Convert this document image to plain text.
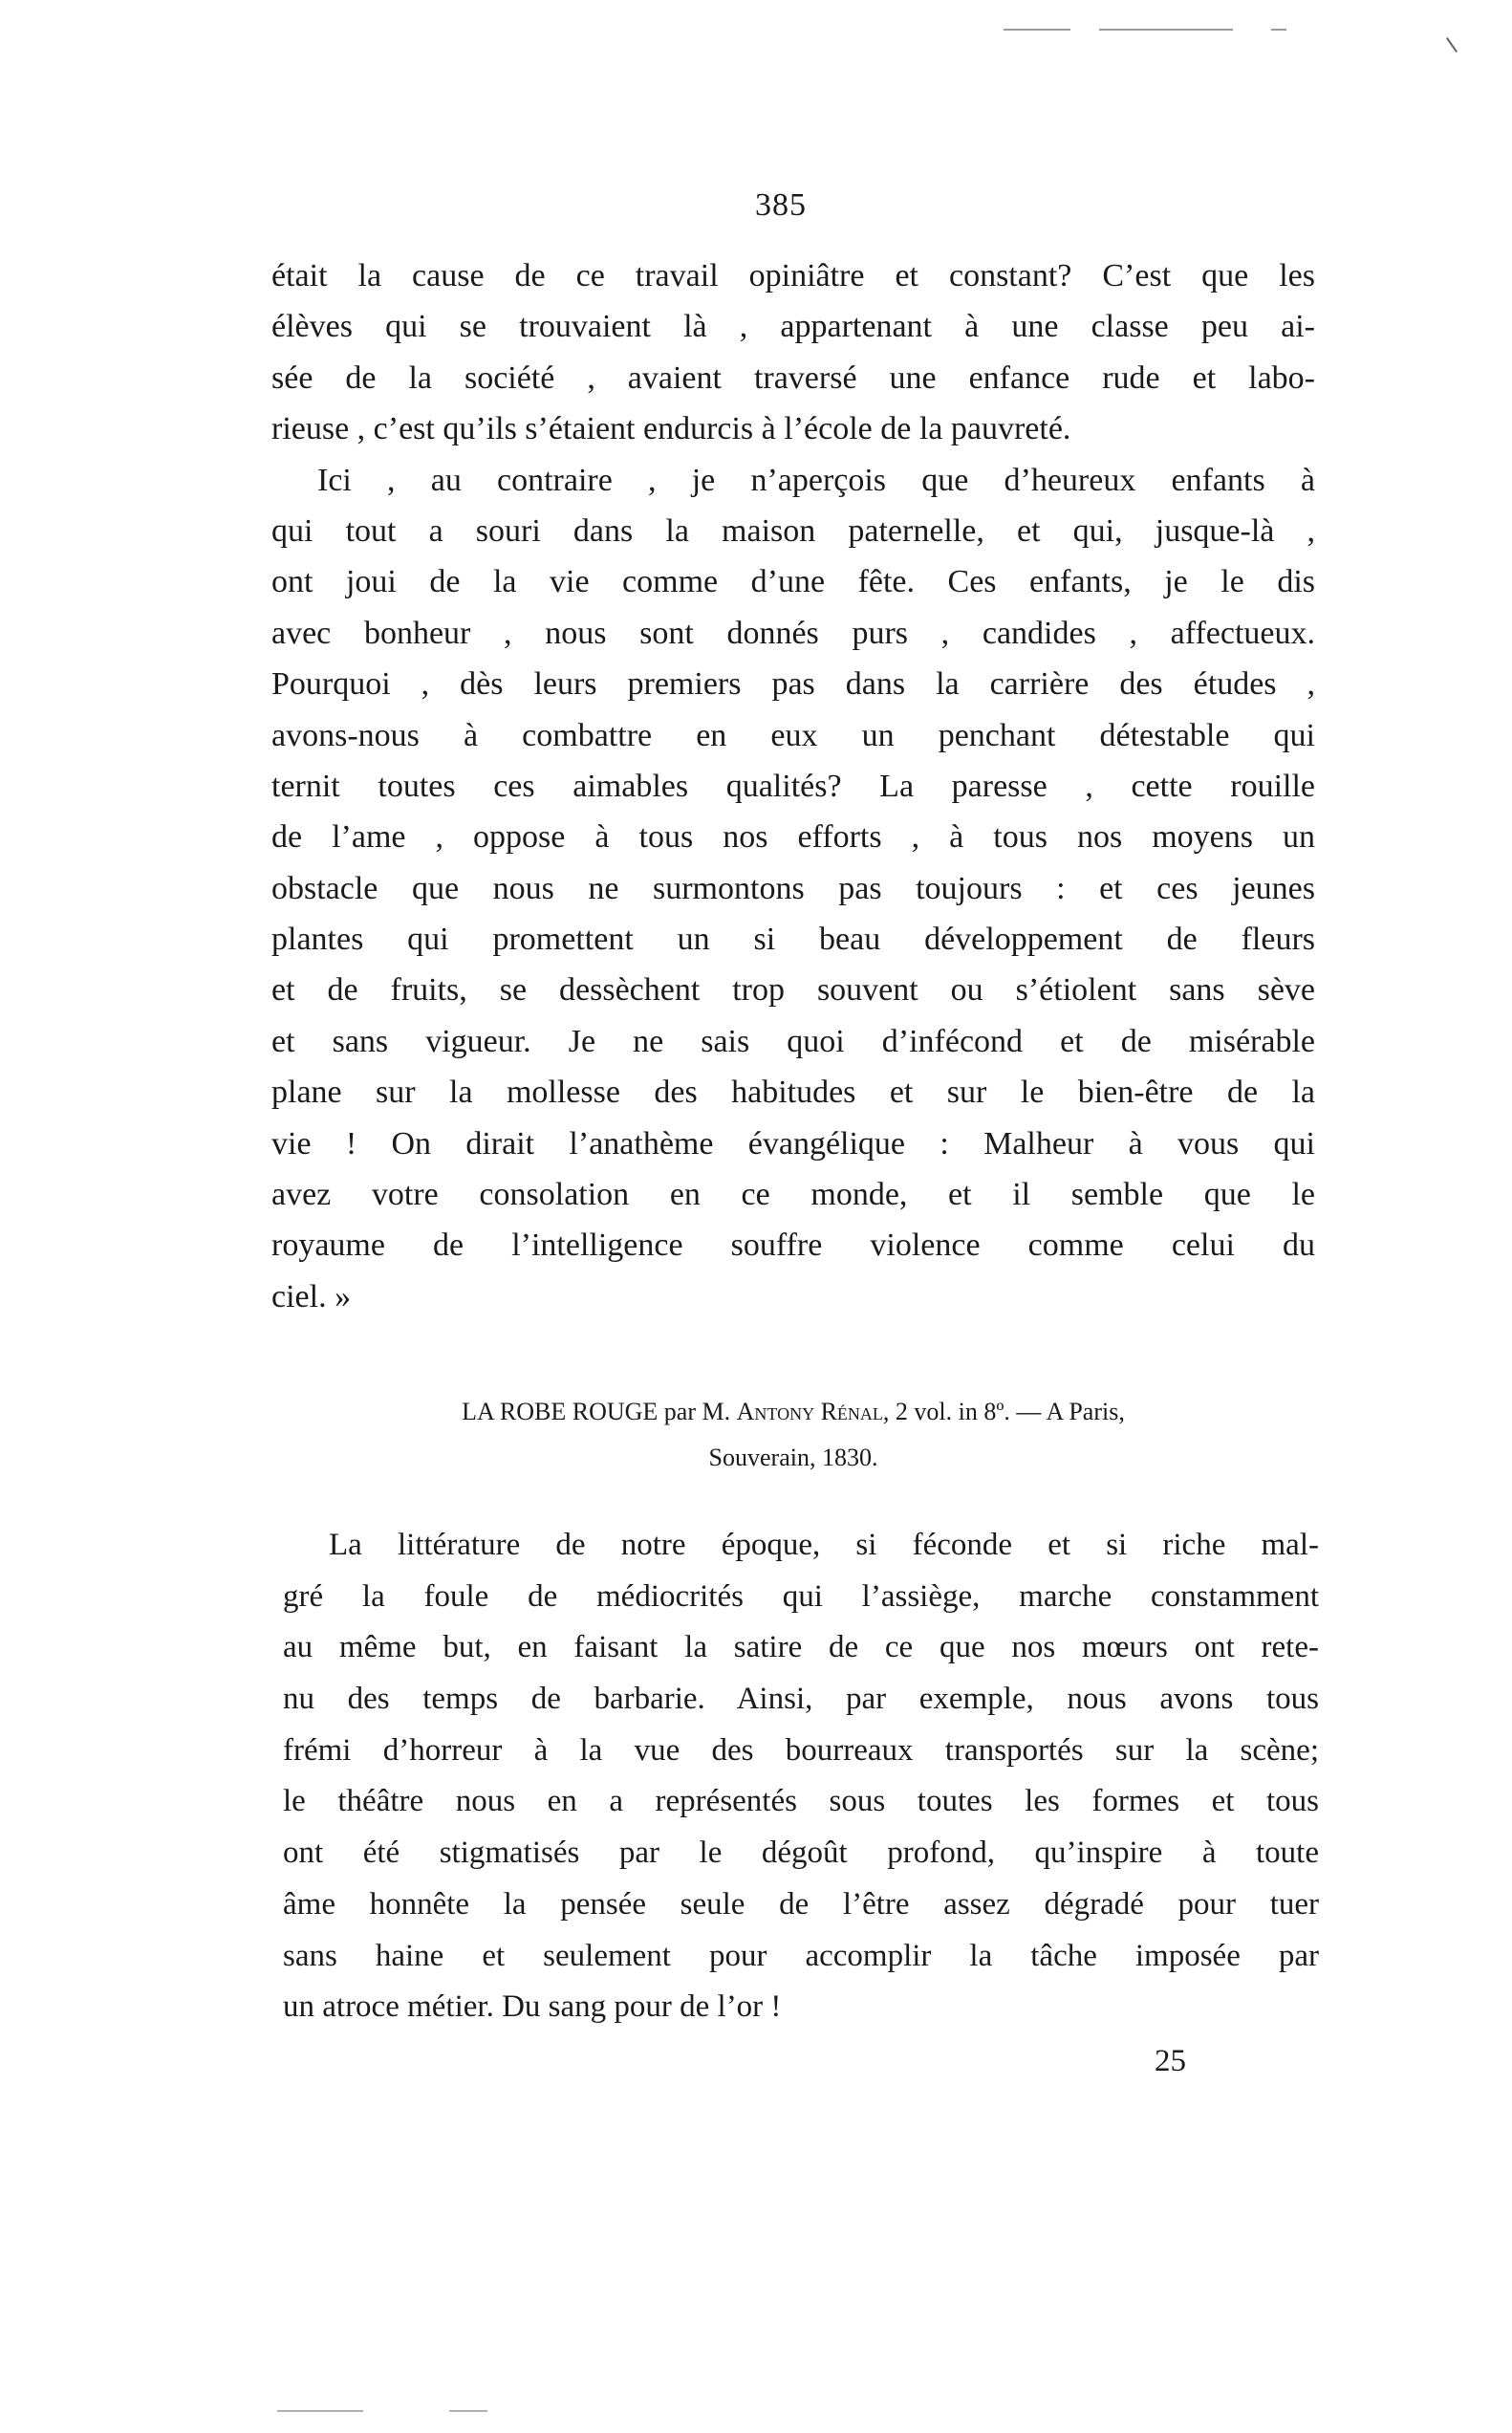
385
était la cause de ce travail opiniâtre et constant? C’est que les
élèves qui se trouvaient là , appartenant à une classe peu ai-
sée de la société , avaient traversé une enfance rude et labo-
rieuse , c’est qu’ils s’étaient endurcis à l’école de la pauvreté.
Ici , au contraire , je n’aperçois que d’heureux enfants à
qui tout a souri dans la maison paternelle, et qui, jusque-là ,
ont joui de la vie comme d’une fête. Ces enfants, je le dis
avec bonheur , nous sont donnés purs , candides , affectueux.
Pourquoi , dès leurs premiers pas dans la carrière des études ,
avons-nous à combattre en eux un penchant détestable qui
ternit toutes ces aimables qualités? La paresse , cette rouille
de l’ame , oppose à tous nos efforts , à tous nos moyens un
obstacle que nous ne surmontons pas toujours : et ces jeunes
plantes qui promettent un si beau développement de fleurs
et de fruits, se dessèchent trop souvent ou s’étiolent sans sève
et sans vigueur. Je ne sais quoi d’infécond et de misérable
plane sur la mollesse des habitudes et sur le bien-être de la
vie ! On dirait l’anathème évangélique : Malheur à vous qui
avez votre consolation en ce monde, et il semble que le
royaume de l’intelligence souffre violence comme celui du
ciel. »
LA ROBE ROUGE par M. Antony Rénal, 2 vol. in 8º. — A Paris,
Souverain, 1830.
La littérature de notre époque, si féconde et si riche mal-
gré la foule de médiocrités qui l’assiège, marche constamment
au même but, en faisant la satire de ce que nos mœurs ont rete-
nu des temps de barbarie. Ainsi, par exemple, nous avons tous
frémi d’horreur à la vue des bourreaux transportés sur la scène;
le théâtre nous en a représentés sous toutes les formes et tous
ont été stigmatisés par le dégoût profond, qu’inspire à toute
âme honnête la pensée seule de l’être assez dégradé pour tuer
sans haine et seulement pour accomplir la tâche imposée par
un atroce métier. Du sang pour de l’or !
25
